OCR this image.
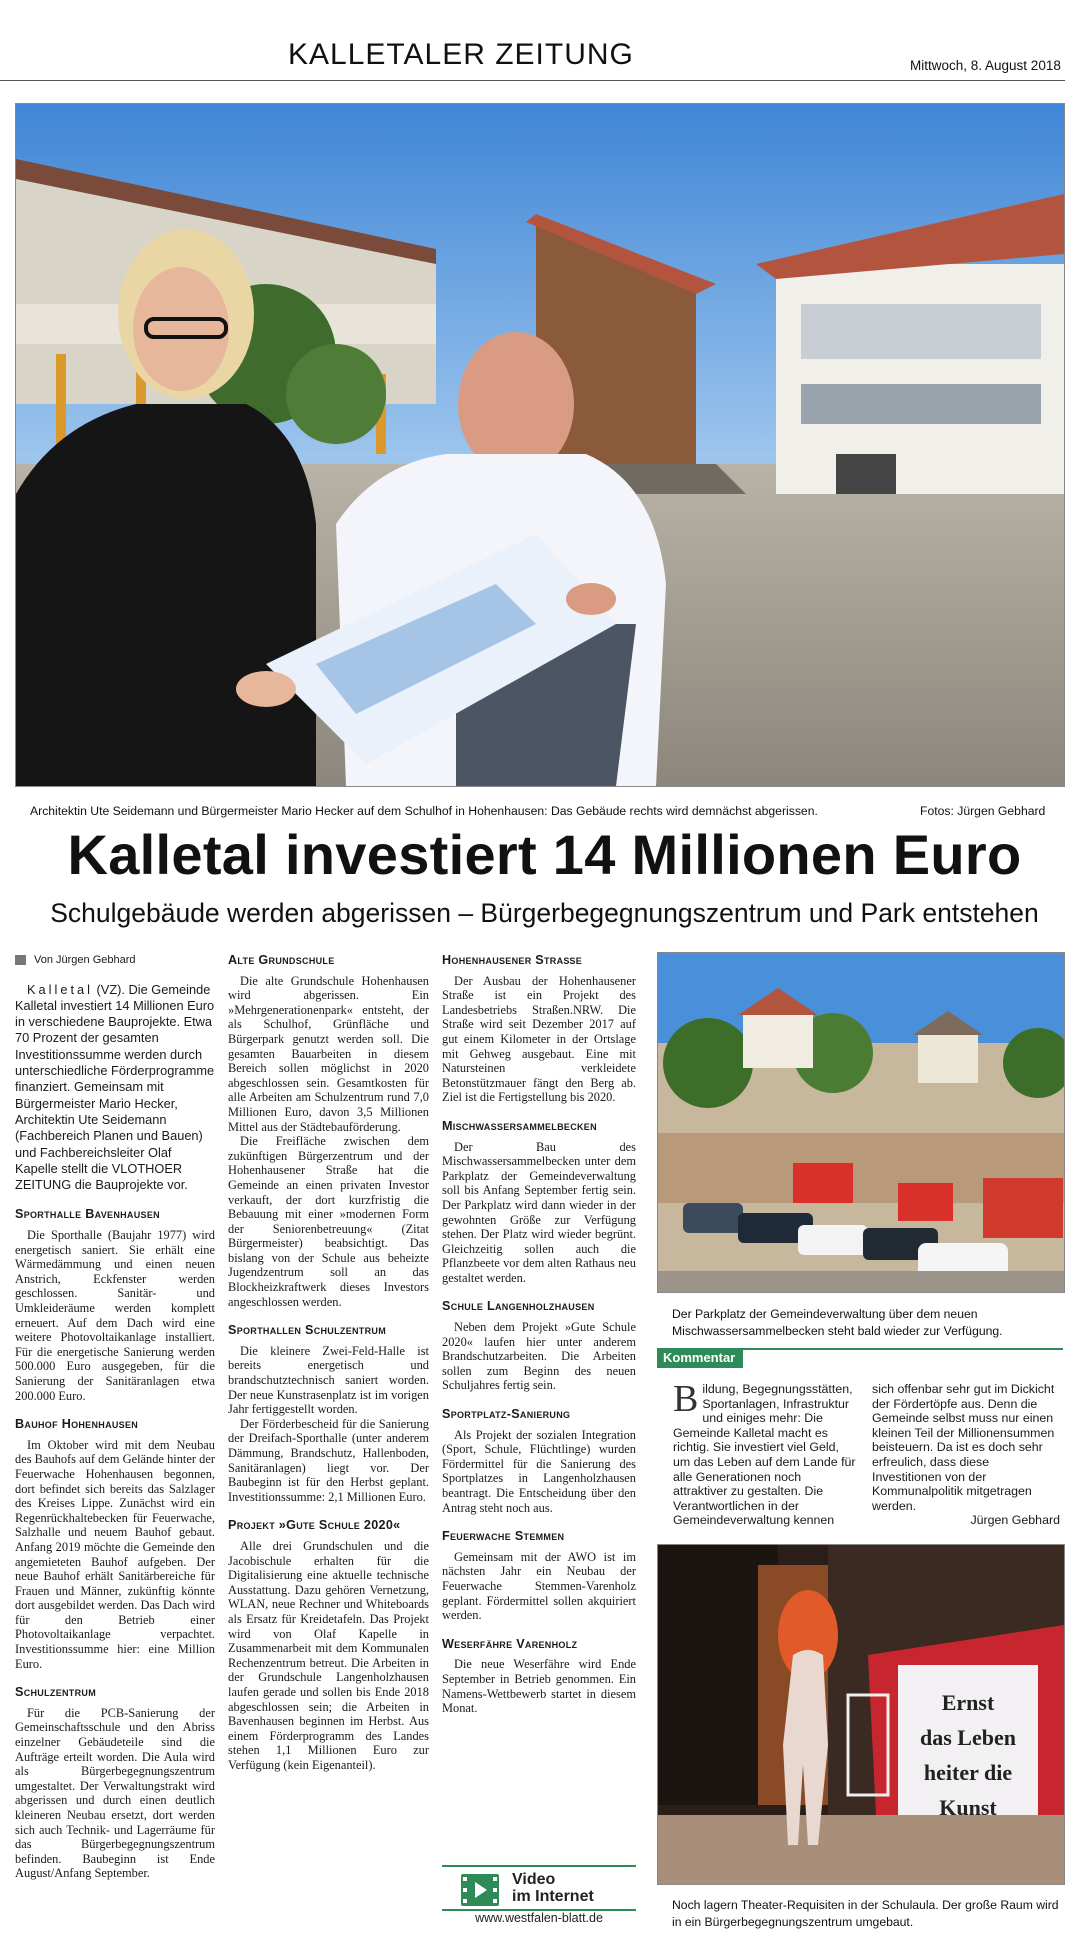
KALLETALER ZEITUNG	Mittwoch, 8. August 2018
Architektin Ute Seidemann und Bürgermeister Mario Hecker auf dem Schulhof in Hohenhausen: Das Gebäude rechts wird demnächst abgerissen.	Fotos: Jürgen Gebhard
Kalletal investiert 14 Millionen Euro
Schulgebäude werden abgerissen – Bürgerbegegnungszentrum und Park entstehen
Von Jürgen Gebhard

Kalletal (VZ). Die Gemeinde Kalletal investiert 14 Millionen Euro in verschiedene Bauprojekte. Etwa 70 Prozent der gesamten Investitionssumme werden durch unterschiedliche Förderprogramme finanziert. Gemeinsam mit Bürgermeister Mario Hecker, Architektin Ute Seidemann (Fachbereich Planen und Bauen) und Fachbereichsleiter Olaf Kapelle stellt die VLOTHOER ZEITUNG die Bauprojekte vor.

Sporthalle Bavenhausen

Die Sporthalle (Baujahr 1977) wird energetisch saniert. Sie erhält eine Wärmedämmung und einen neuen Anstrich, Eckfenster werden geschlossen. Sanitär- und Umkleideräume werden komplett erneuert. Auf dem Dach wird eine weitere Photovoltaikanlage installiert. Für die energetische Sanierung werden 500.000 Euro ausgegeben, für die Sanierung der Sanitäranlagen etwa 200.000 Euro.

Bauhof Hohenhausen

Im Oktober wird mit dem Neubau des Bauhofs auf dem Gelände hinter der Feuerwache Hohenhausen begonnen, dort befindet sich bereits das Salzlager des Kreises Lippe. Zunächst wird ein Regenrückhaltebecken für Feuerwache, Salzhalle und neuem Bauhof gebaut. Anfang 2019 möchte die Gemeinde den angemieteten Bauhof aufgeben. Der neue Bauhof erhält Sanitärbereiche für Frauen und Männer, zukünftig könnte dort ausgebildet werden. Das Dach wird für den Betrieb einer Photovoltaikanlage verpachtet. Investitionssumme hier: eine Million Euro.

Schulzentrum

Für die PCB-Sanierung der Gemeinschaftsschule und den Abriss einzelner Gebäudeteile sind die Aufträge erteilt worden. Die Aula wird als Bürgerbegegnungszentrum umgestaltet. Der Verwaltungstrakt wird abgerissen und durch einen deutlich kleineren Neubau ersetzt, dort werden sich auch Technik- und Lagerräume für das Bürgerbegegnungszentrum befinden. Baubeginn ist Ende August/Anfang September.

Alte Grundschule

Die alte Grundschule Hohenhausen wird abgerissen. Ein »Mehrgenerationenpark« entsteht, der als Schulhof, Grünfläche und Bürgerpark genutzt werden soll. Die gesamten Bauarbeiten in diesem Bereich sollen möglichst in 2020 abgeschlossen sein. Gesamtkosten für alle Arbeiten am Schulzentrum rund 7,0 Millionen Euro, davon 3,5 Millionen Mittel aus der Städtebauförderung.

Die Freifläche zwischen dem zukünftigen Bürgerzentrum und der Hohenhausener Straße hat die Gemeinde an einen privaten Investor verkauft, der dort kurzfristig die Bebauung mit einer »modernen Form der Seniorenbetreuung« (Zitat Bürgermeister) beabsichtigt. Das bislang von der Schule aus beheizte Jugendzentrum soll an das Blockheizkraftwerk dieses Investors angeschlossen werden.

Sporthallen Schulzentrum

Die kleinere Zwei-Feld-Halle ist bereits energetisch und brandschutztechnisch saniert worden. Der neue Kunstrasenplatz ist im vorigen Jahr fertiggestellt worden.

Der Förderbescheid für die Sanierung der Dreifach-Sporthalle (unter anderem Dämmung, Brandschutz, Hallenboden, Sanitäranlagen) liegt vor. Der Baubeginn ist für den Herbst geplant. Investitionssumme: 2,1 Millionen Euro.

Projekt »Gute Schule 2020«

Alle drei Grundschulen und die Jacobischule erhalten für die Digitalisierung eine aktuelle technische Ausstattung. Dazu gehören Vernetzung, WLAN, neue Rechner und Whiteboards als Ersatz für Kreidetafeln. Das Projekt wird von Olaf Kapelle in Zusammenarbeit mit dem Kommunalen Rechenzentrum betreut. Die Arbeiten in der Grundschule Langenholzhausen laufen gerade und sollen bis Ende 2018 abgeschlossen sein; die Arbeiten in Bavenhausen beginnen im Herbst. Aus einem Förderprogramm des Landes stehen 1,1 Millionen Euro zur Verfügung (kein Eigenanteil).

Hohenhausener Straße

Der Ausbau der Hohenhausener Straße ist ein Projekt des Landesbetriebs Straßen.NRW. Die Straße wird seit Dezember 2017 auf gut einem Kilometer in der Ortslage mit Gehweg ausgebaut. Eine mit Natursteinen verkleidete Betonstützmauer fängt den Berg ab. Ziel ist die Fertigstellung bis 2020.

Mischwassersammelbecken

Der Bau des Mischwassersammelbecken unter dem Parkplatz der Gemeindeverwaltung soll bis Anfang September fertig sein. Der Parkplatz wird dann wieder in der gewohnten Größe zur Verfügung stehen. Der Platz wird wieder begrünt. Gleichzeitig sollen auch die Pflanzbeete vor dem alten Rathaus neu gestaltet werden.

Schule Langenholzhausen

Neben dem Projekt »Gute Schule 2020« laufen hier unter anderem Brandschutzarbeiten. Die Arbeiten sollen zum Beginn des neuen Schuljahres fertig sein.

Sportplatz-Sanierung

Als Projekt der sozialen Integration (Sport, Schule, Flüchtlinge) wurden Fördermittel für die Sanierung des Sportplatzes in Langenholzhausen beantragt. Die Entscheidung über den Antrag steht noch aus.

Feuerwache Stemmen

Gemeinsam mit der AWO ist im nächsten Jahr ein Neubau der Feuerwache Stemmen-Varenholz geplant. Fördermittel sollen akquiriert werden.

Weserfähre Varenholz

Die neue Weserfähre wird Ende September in Betrieb genommen. Ein Namens-Wettbewerb startet in diesem Monat.

Video
im Internet
www.westfalen-blatt.de
Der Parkplatz der Gemeindeverwaltung über dem neuen Mischwassersammelbecken steht bald wieder zur Verfügung.
Kommentar
Bildung, Begegnungsstätten, Sportanlagen, Infrastruktur und einiges mehr: Die Gemeinde Kalletal macht es richtig. Sie investiert viel Geld, um das Leben auf dem Lande für alle Generationen noch attraktiver zu gestalten. Die Verantwortlichen in der Gemeindeverwaltung kennen
sich offenbar sehr gut im Dickicht der Fördertöpfe aus. Denn die Gemeinde selbst muss nur einen kleinen Teil der Millionensummen beisteuern. Da ist es doch sehr erfreulich, dass diese Investitionen von der Kommunalpolitik mitgetragen werden.
Jürgen Gebhard
Ernst
das Leben
heiter die
Kunst
Noch lagern Theater-Requisiten in der Schulaula. Der große Raum wird in ein Bürgerbegegnungszentrum umgebaut.
